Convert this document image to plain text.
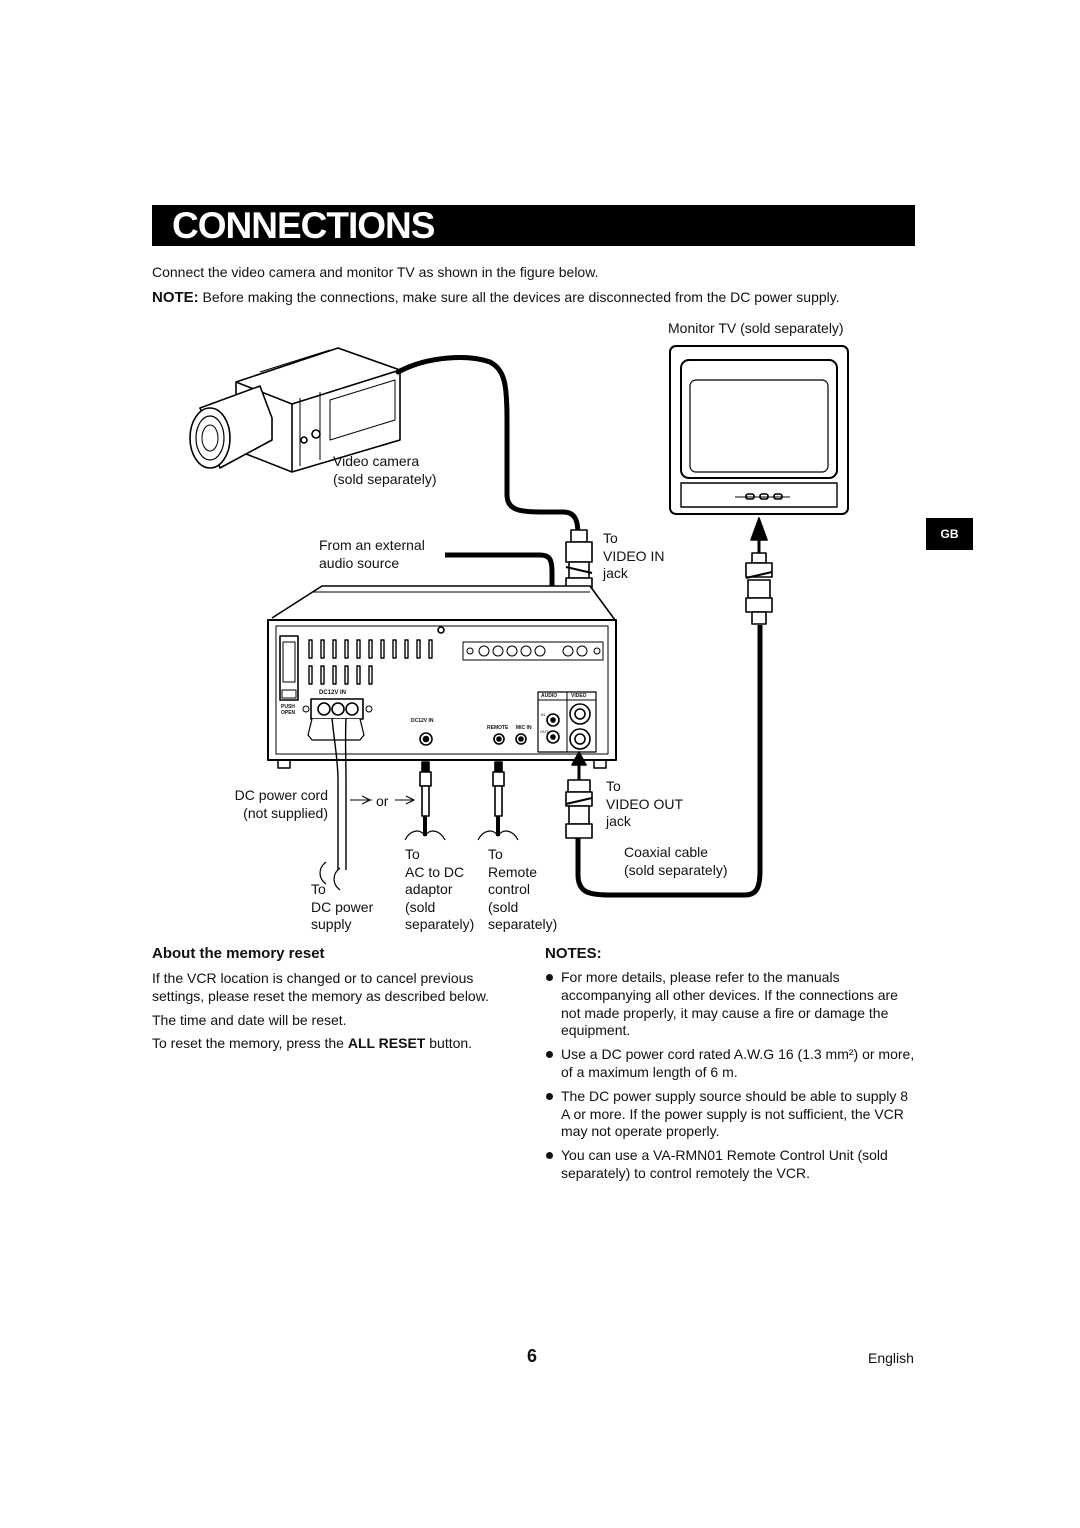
CONNECTIONS
Connect the video camera and monitor TV as shown in the figure below.
NOTE: Before making the connections, make sure all the devices are disconnected from the DC power supply.
GB
Monitor TV (sold separately)
Video camera
(sold separately)
From an external
audio source
To
VIDEO IN
jack
To
VIDEO OUT
jack
DC power cord
(not supplied)
or
Coaxial cable
(sold separately)
To
DC power
supply
To
AC to DC
adaptor
(sold
separately)
To
Remote
control
(sold
separately)
DC12V IN
PUSH
OPEN
DC12V IN
REMOTE MIC IN
AUDIO	VIDEO
IN
OUT
About the memory reset
If the VCR location is changed or to cancel previous
settings, please reset the memory as described below.
The time and date will be reset.
To reset the memory, press the ALL RESET button.
NOTES:
For more details, please refer to the manuals accompanying all other devices. If the connections are not made properly, it may cause a fire or damage the equipment.
Use a DC power cord rated A.W.G 16 (1.3 mm²) or more, of a maximum length of 6 m.
The DC power supply source should be able to supply 8 A or more. If the power supply is not sufficient, the VCR may not operate properly.
You can use a VA-RMN01 Remote Control Unit (sold separately) to control remotely the VCR.
6	English
